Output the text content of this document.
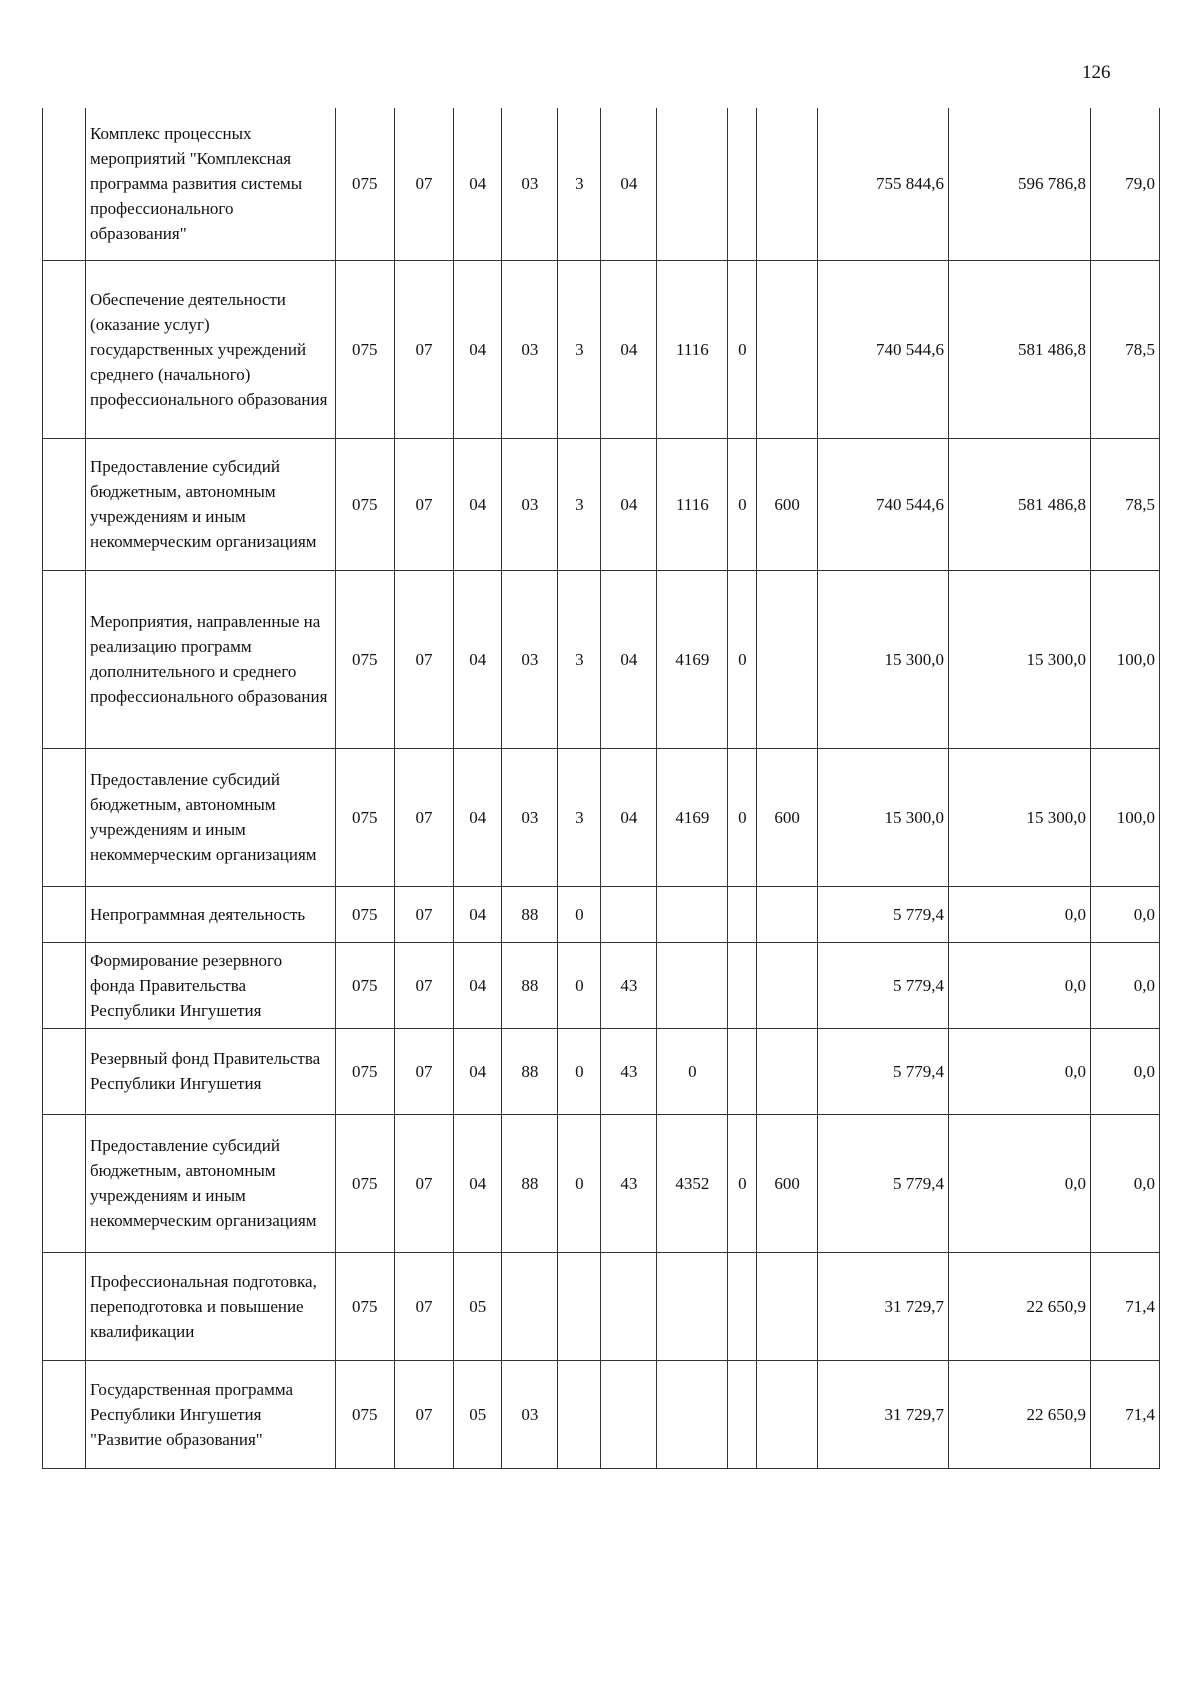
126
	Комплекс процессных мероприятий "Комплексная программа развития системы профессионального образования"	075	07	04	03	3	04				755 844,6	596 786,8	79,0
	Обеспечение деятельности (оказание услуг) государственных учреждений среднего (начального) профессионального образования	075	07	04	03	3	04	1116	0		740 544,6	581 486,8	78,5
	Предоставление субсидий бюджетным, автономным учреждениям и иным некоммерческим организациям	075	07	04	03	3	04	1116	0	600	740 544,6	581 486,8	78,5
	Мероприятия, направленные на реализацию программ дополнительного и среднего профессионального образования	075	07	04	03	3	04	4169	0		15 300,0	15 300,0	100,0
	Предоставление субсидий бюджетным, автономным учреждениям и иным некоммерческим организациям	075	07	04	03	3	04	4169	0	600	15 300,0	15 300,0	100,0
	Непрограммная деятельность	075	07	04	88	0					5 779,4	0,0	0,0
	Формирование резервного фонда Правительства Республики Ингушетия	075	07	04	88	0	43				5 779,4	0,0	0,0
	Резервный фонд Правительства Республики Ингушетия	075	07	04	88	0	43	0			5 779,4	0,0	0,0
	Предоставление субсидий бюджетным, автономным учреждениям и иным некоммерческим организациям	075	07	04	88	0	43	4352	0	600	5 779,4	0,0	0,0
	Профессиональная подготовка, переподготовка и повышение квалификации	075	07	05							31 729,7	22 650,9	71,4
	Государственная программа Республики Ингушетия "Развитие образования"	075	07	05	03						31 729,7	22 650,9	71,4
